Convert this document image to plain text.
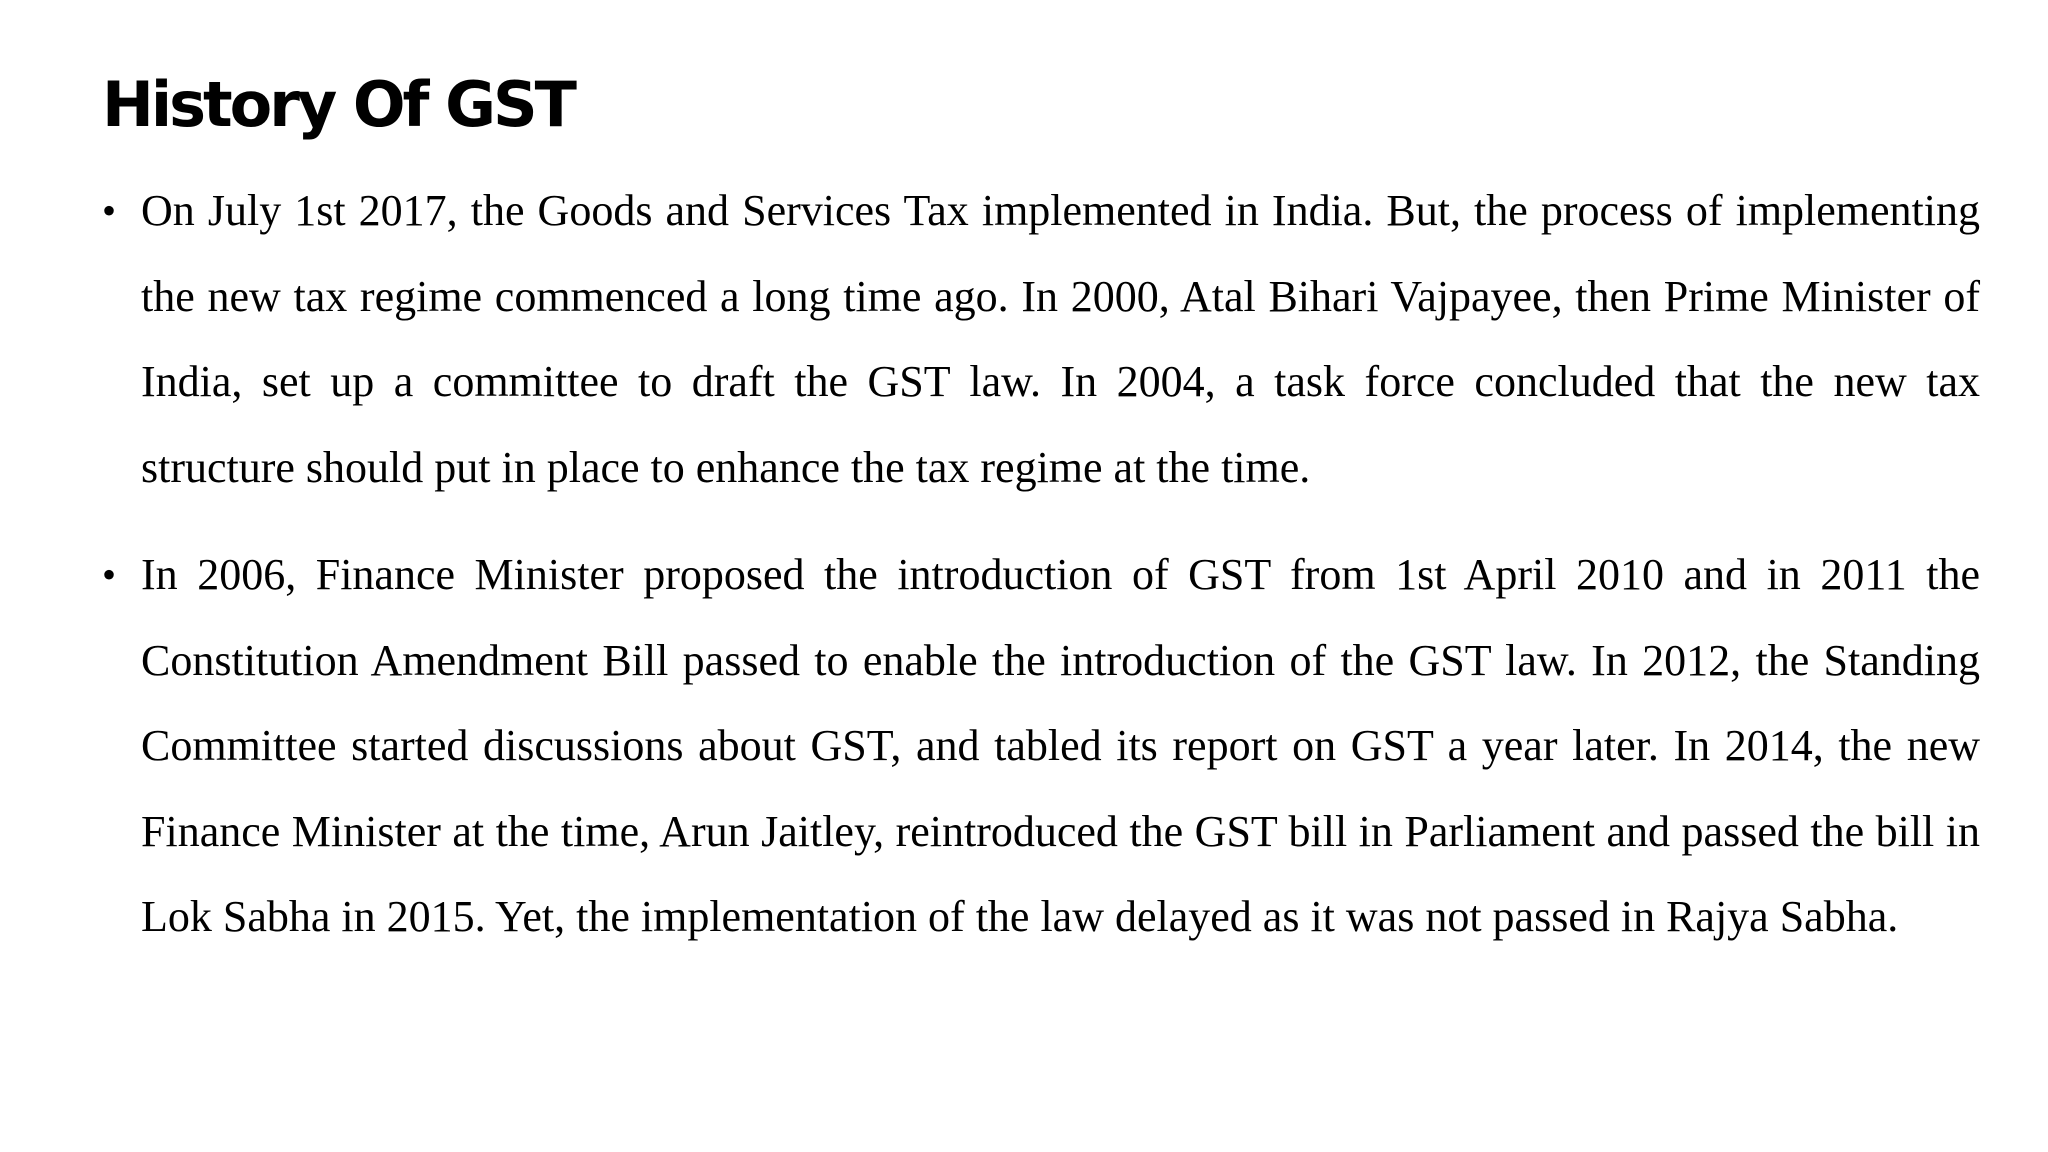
History Of GST
• On July 1st 2017, the Goods and Services Tax implemented in India. But, the process of implementing the new tax regime commenced a long time ago. In 2000, Atal Bihari Vajpayee, then Prime Minister of India, set up a committee to draft the GST law. In 2004, a task force concluded that the new tax structure should put in place to enhance the tax regime at the time.
• In 2006, Finance Minister proposed the introduction of GST from 1st April 2010 and in 2011 the Constitution Amendment Bill passed to enable the introduction of the GST law. In 2012, the Standing Committee started discussions about GST, and tabled its report on GST a year later. In 2014, the new Finance Minister at the time, Arun Jaitley, reintroduced the GST bill in Parliament and passed the bill in Lok Sabha in 2015. Yet, the implementation of the law delayed as it was not passed in Rajya Sabha.
